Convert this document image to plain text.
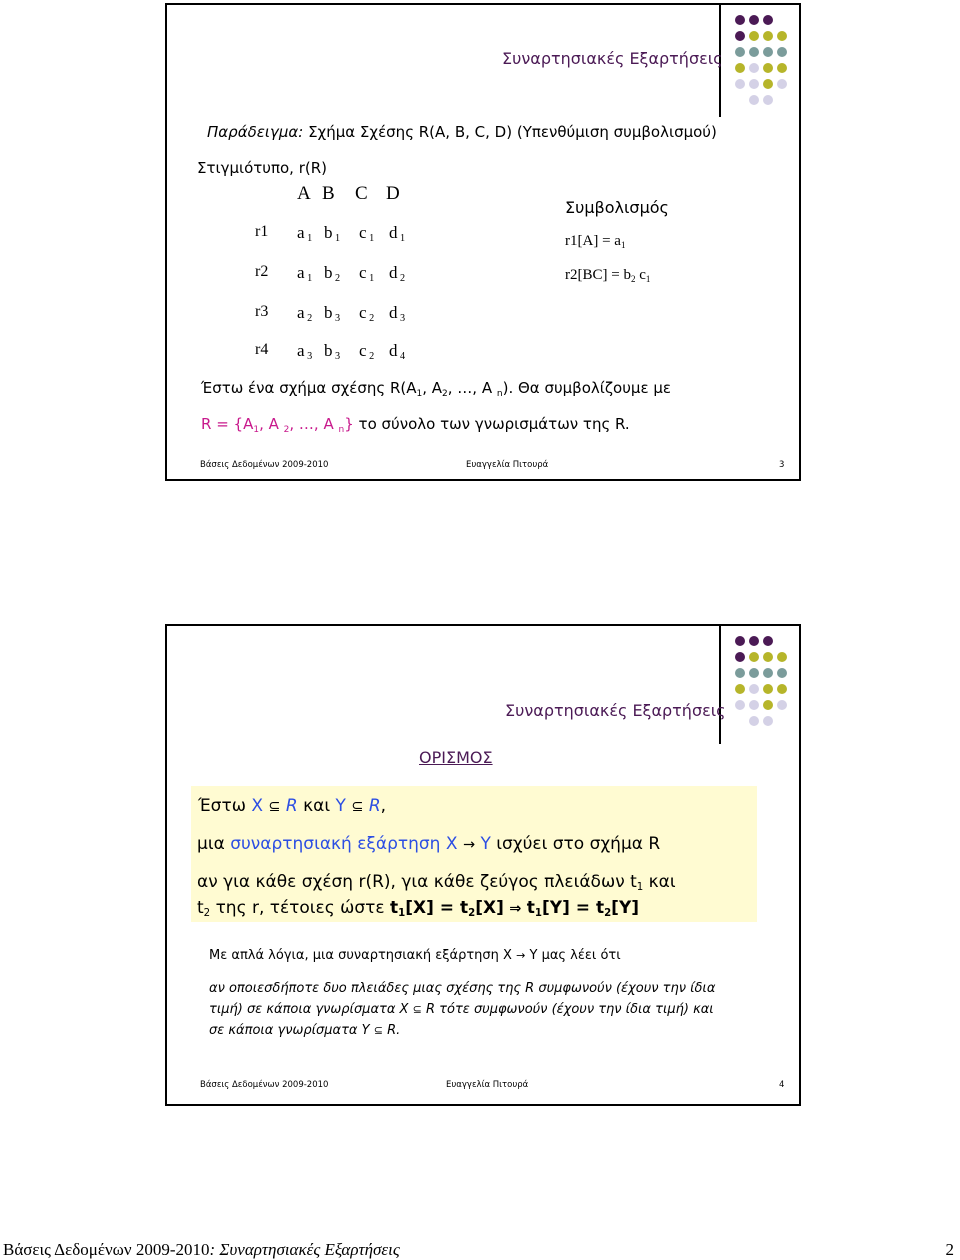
Συναρτησιακές Εξαρτήσεις
Παράδειγμα: Σχήμα Σχέσης R(A, B, C, D) (Υπενθύμιση συμβολισμού)
Στιγμιότυπο, r(R)
A B C D
r1 a $_1$ b $_1$ c $_1$ d $_1$
r2 a $_1$ b $_2$ c $_1$ d $_2$
r3 a $_2$ b $_3$ c $_2$ d $_3$
r4 a $_3$ b $_3$ c $_2$ d $_4$
Συμβολισμός
$r1[A] = a_1$
$r2[BC] = b_2$ $c_1$
Έστω ένα σχήμα σχέσης $R(A_1$, $A_2$, …, A $_n$). Θα συμβολίζουμε με
$R = \{A_1$, A $_2$, …, A $_n$} το σύνολο των γνωρισμάτων της R.
Βάσεις Δεδομένων 2009-2010	Ευαγγελία Πιτουρά	3
Συναρτησιακές Εξαρτήσεις
ΟΡΙΣΜΟΣ
Έστω X ⊆ R και Y ⊆ R,
μια συναρτησιακή εξάρτηση X → Y ισχύει στο σχήμα R
αν για κάθε σχέση r(R), για κάθε ζεύγος πλειάδων $t_1$ και
$t_2$ της r, τέτοιες ώστε $t_1[X] = t_2[X]$ ⇒ $t_1[Y] = t_2[Y]$
Με απλά λόγια, μια συναρτησιακή εξάρτηση X → Y μας λέει ότι
αν οποιεσδήποτε δυο πλειάδες μιας σχέσης της R συμφωνούν (έχουν την ίδια
τιμή) σε κάποια γνωρίσματα X ⊆ R τότε συμφωνούν (έχουν την ίδια τιμή) και
σε κάποια γνωρίσματα Y ⊆ R.
Βάσεις Δεδομένων 2009-2010	Ευαγγελία Πιτουρά	4
Βάσεις Δεδομένων 2009-2010: Συναρτησιακές Εξαρτήσεις	2
